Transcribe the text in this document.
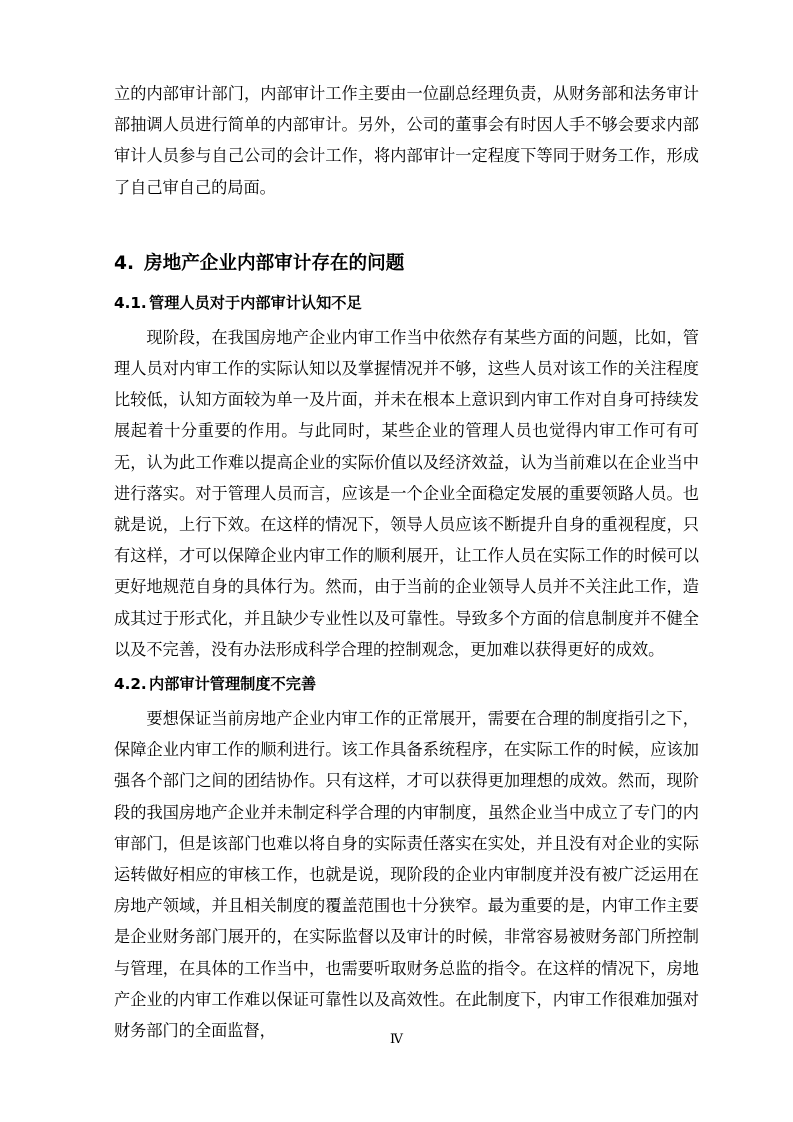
立的内部审计部门，内部审计工作主要由一位副总经理负责，从财务部和法务审计部抽调人员进行简单的内部审计。另外，公司的董事会有时因人手不够会要求内部审计人员参与自己公司的会计工作，将内部审计一定程度下等同于财务工作，形成了自己审自己的局面。

4. 房地产企业内部审计存在的问题
4.1. 管理人员对于内部审计认知不足

现阶段，在我国房地产企业内审工作当中依然存有某些方面的问题，比如，管理人员对内审工作的实际认知以及掌握情况并不够，这些人员对该工作的关注程度比较低，认知方面较为单一及片面，并未在根本上意识到内审工作对自身可持续发展起着十分重要的作用。与此同时，某些企业的管理人员也觉得内审工作可有可无，认为此工作难以提高企业的实际价值以及经济效益，认为当前难以在企业当中进行落实。对于管理人员而言，应该是一个企业全面稳定发展的重要领路人员。也就是说，上行下效。在这样的情况下，领导人员应该不断提升自身的重视程度，只有这样，才可以保障企业内审工作的顺利展开，让工作人员在实际工作的时候可以更好地规范自身的具体行为。然而，由于当前的企业领导人员并不关注此工作，造成其过于形式化，并且缺少专业性以及可靠性。导致多个方面的信息制度并不健全以及不完善，没有办法形成科学合理的控制观念，更加难以获得更好的成效。

4.2. 内部审计管理制度不完善

要想保证当前房地产企业内审工作的正常展开，需要在合理的制度指引之下，保障企业内审工作的顺利进行。该工作具备系统程序，在实际工作的时候，应该加强各个部门之间的团结协作。只有这样，才可以获得更加理想的成效。然而，现阶段的我国房地产企业并未制定科学合理的内审制度，虽然企业当中成立了专门的内审部门，但是该部门也难以将自身的实际责任落实在实处，并且没有对企业的实际运转做好相应的审核工作，也就是说，现阶段的企业内审制度并没有被广泛运用在房地产领域，并且相关制度的覆盖范围也十分狭窄。最为重要的是，内审工作主要是企业财务部门展开的，在实际监督以及审计的时候，非常容易被财务部门所控制与管理，在具体的工作当中，也需要听取财务总监的指令。在这样的情况下，房地产企业的内审工作难以保证可靠性以及高效性。在此制度下，内审工作很难加强对财务部门的全面监督，	Ⅳ
